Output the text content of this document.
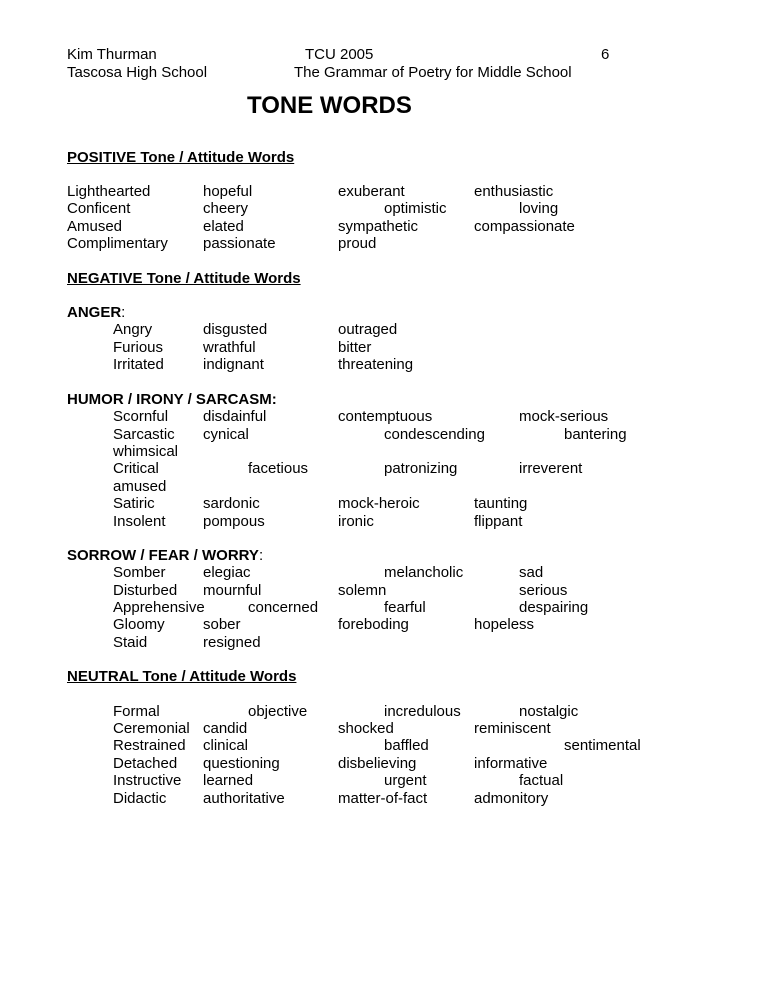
Kim Thurman
Tascosa High School
TCU 2005
The Grammar of Poetry for Middle School
6
TONE WORDS
POSITIVE Tone / Attitude Words
Lighthearted	hopeful	exuberant	enthusiastic
Conficent	cheery	optimistic	loving
Amused	elated	sympathetic	compassionate
Complimentary passionate	proud
NEGATIVE Tone / Attitude Words
ANGER:
Angry	disgusted	outraged
Furious	wrathful	bitter
Irritated	indignant	threatening
HUMOR / IRONY / SARCASM:
Scornful disdainful	contemptuous	mock-serious
Sarcastic cynical	condescending	bantering
whimsical
Critical	facetious	patronizing	irreverent
amused
Satiric	sardonic	mock-heroic	taunting
Insolent pompous	ironic	flippant
SORROW / FEAR / WORRY:
Somber elegiac	melancholic	sad
Disturbed mournful	solemn	serious
Apprehensive	concerned	fearful	despairing
Gloomy	sober	foreboding	hopeless
Staid	resigned
NEUTRAL Tone / Attitude Words
Formal	objective	incredulous	nostalgic
Ceremonial candid	shocked	reminiscent
Restrained clinical	baffled	sentimental
Detached questioning	disbelieving	informative
Instructive learned	urgent	factual
Didactic authoritative	matter-of-fact	admonitory
